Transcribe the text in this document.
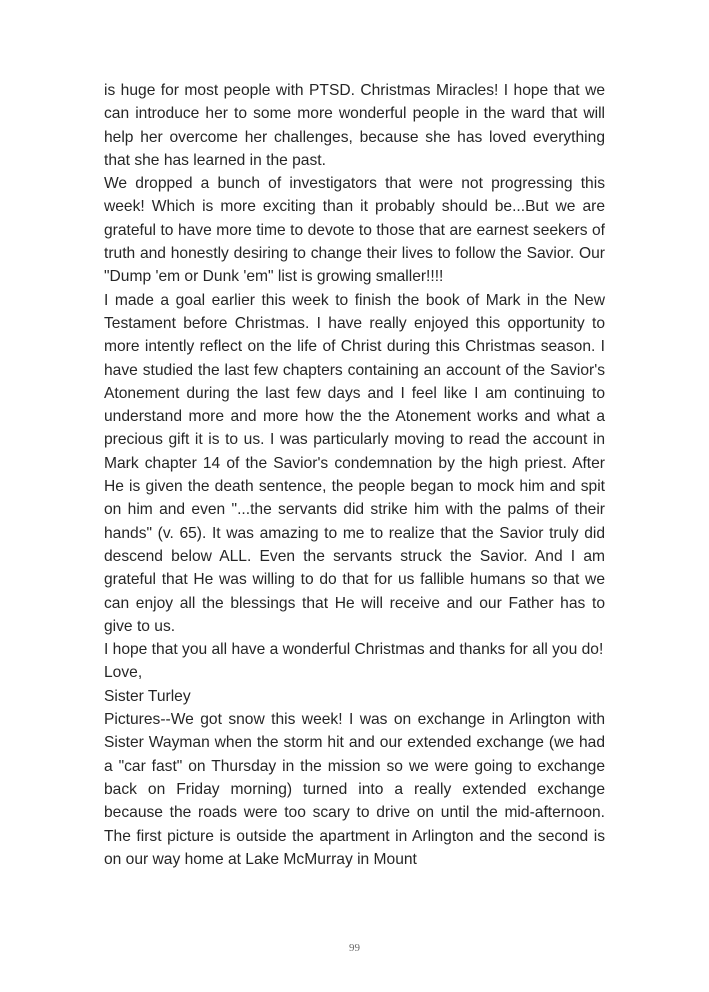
is huge for most people with PTSD. Christmas Miracles! I hope that we can introduce her to some more wonderful people in the ward that will help her overcome her challenges, because she has loved everything that she has learned in the past.

We dropped a bunch of investigators that were not progressing this week! Which is more exciting than it probably should be...But we are grateful to have more time to devote to those that are earnest seekers of truth and honestly desiring to change their lives to follow the Savior. Our "Dump 'em or Dunk 'em" list is growing smaller!!!!

I made a goal earlier this week to finish the book of Mark in the New Testament before Christmas. I have really enjoyed this opportunity to more intently reflect on the life of Christ during this Christmas season. I have studied the last few chapters containing an account of the Savior's Atonement during the last few days and I feel like I am continuing to understand more and more how the the Atonement works and what a precious gift it is to us. I was particularly moving to read the account in Mark chapter 14 of the Savior's condemnation by the high priest. After He is given the death sentence, the people began to mock him and spit on him and even "...the servants did strike him with the palms of their hands" (v. 65). It was amazing to me to realize that the Savior truly did descend below ALL. Even the servants struck the Savior. And I am grateful that He was willing to do that for us fallible humans so that we can enjoy all the blessings that He will receive and our Father has to give to us.

I hope that you all have a wonderful Christmas and thanks for all you do!

Love,

Sister Turley

Pictures--We got snow this week! I was on exchange in Arlington with Sister Wayman when the storm hit and our extended exchange (we had a "car fast" on Thursday in the mission so we were going to exchange back on Friday morning) turned into a really extended exchange because the roads were too scary to drive on until the mid-afternoon. The first picture is outside the apartment in Arlington and the second is on our way home at Lake McMurray in Mount

99
